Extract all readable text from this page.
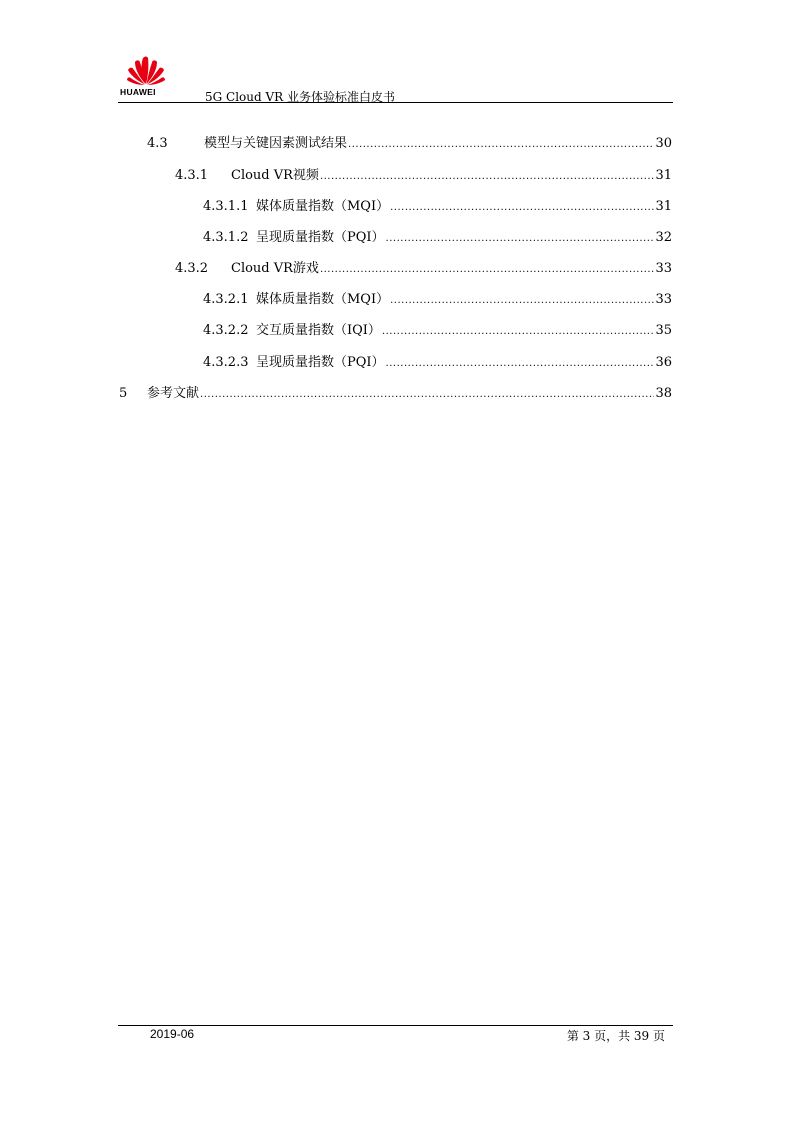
HUAWEI	5G Cloud VR 业务体验标准白皮书
4.3	模型与关键因素测试结果 .....	30
4.3.1	Cloud VR视频 .....	31
4.3.1.1 媒体质量指数（MQI） .....	31
4.3.1.2 呈现质量指数（PQI） .....	32
4.3.2	Cloud VR游戏 .....	33
4.3.2.1 媒体质量指数（MQI） .....	33
4.3.2.2 交互质量指数（IQI） .....	35
4.3.2.3 呈现质量指数（PQI） .....	36
5	参考文献 .....	38
2019-06	第 3 页，共 39 页
